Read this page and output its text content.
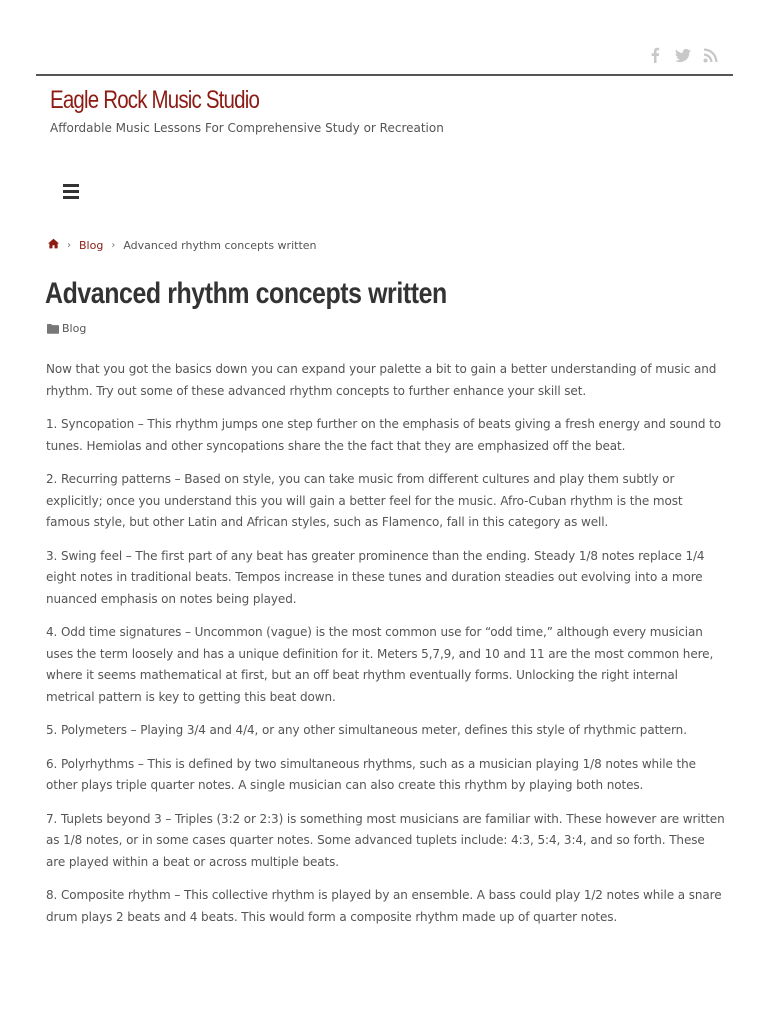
Eagle Rock Music Studio
Affordable Music Lessons For Comprehensive Study or Recreation
› Blog › Advanced rhythm concepts written
Advanced rhythm concepts written
Blog

Now that you got the basics down you can expand your palette a bit to gain a better understanding of music and rhythm. Try out some of these advanced rhythm concepts to further enhance your skill set.

1. Syncopation – This rhythm jumps one step further on the emphasis of beats giving a fresh energy and sound to tunes. Hemiolas and other syncopations share the the fact that they are emphasized off the beat.

2. Recurring patterns – Based on style, you can take music from different cultures and play them subtly or explicitly; once you understand this you will gain a better feel for the music. Afro-Cuban rhythm is the most famous style, but other Latin and African styles, such as Flamenco, fall in this category as well.

3. Swing feel – The first part of any beat has greater prominence than the ending. Steady 1/8 notes replace 1/4 eight notes in traditional beats. Tempos increase in these tunes and duration steadies out evolving into a more nuanced emphasis on notes being played.

4. Odd time signatures – Uncommon (vague) is the most common use for “odd time,” although every musician uses the term loosely and has a unique definition for it. Meters 5,7,9, and 10 and 11 are the most common here, where it seems mathematical at first, but an off beat rhythm eventually forms. Unlocking the right internal metrical pattern is key to getting this beat down.

5. Polymeters – Playing 3/4 and 4/4, or any other simultaneous meter, defines this style of rhythmic pattern.

6. Polyrhythms – This is defined by two simultaneous rhythms, such as a musician playing 1/8 notes while the other plays triple quarter notes. A single musician can also create this rhythm by playing both notes.

7. Tuplets beyond 3 – Triples (3:2 or 2:3) is something most musicians are familiar with. These however are written as 1/8 notes, or in some cases quarter notes. Some advanced tuplets include: 4:3, 5:4, 3:4, and so forth. These are played within a beat or across multiple beats.

8. Composite rhythm – This collective rhythm is played by an ensemble. A bass could play 1/2 notes while a snare drum plays 2 beats and 4 beats. This would form a composite rhythm made up of quarter notes.
